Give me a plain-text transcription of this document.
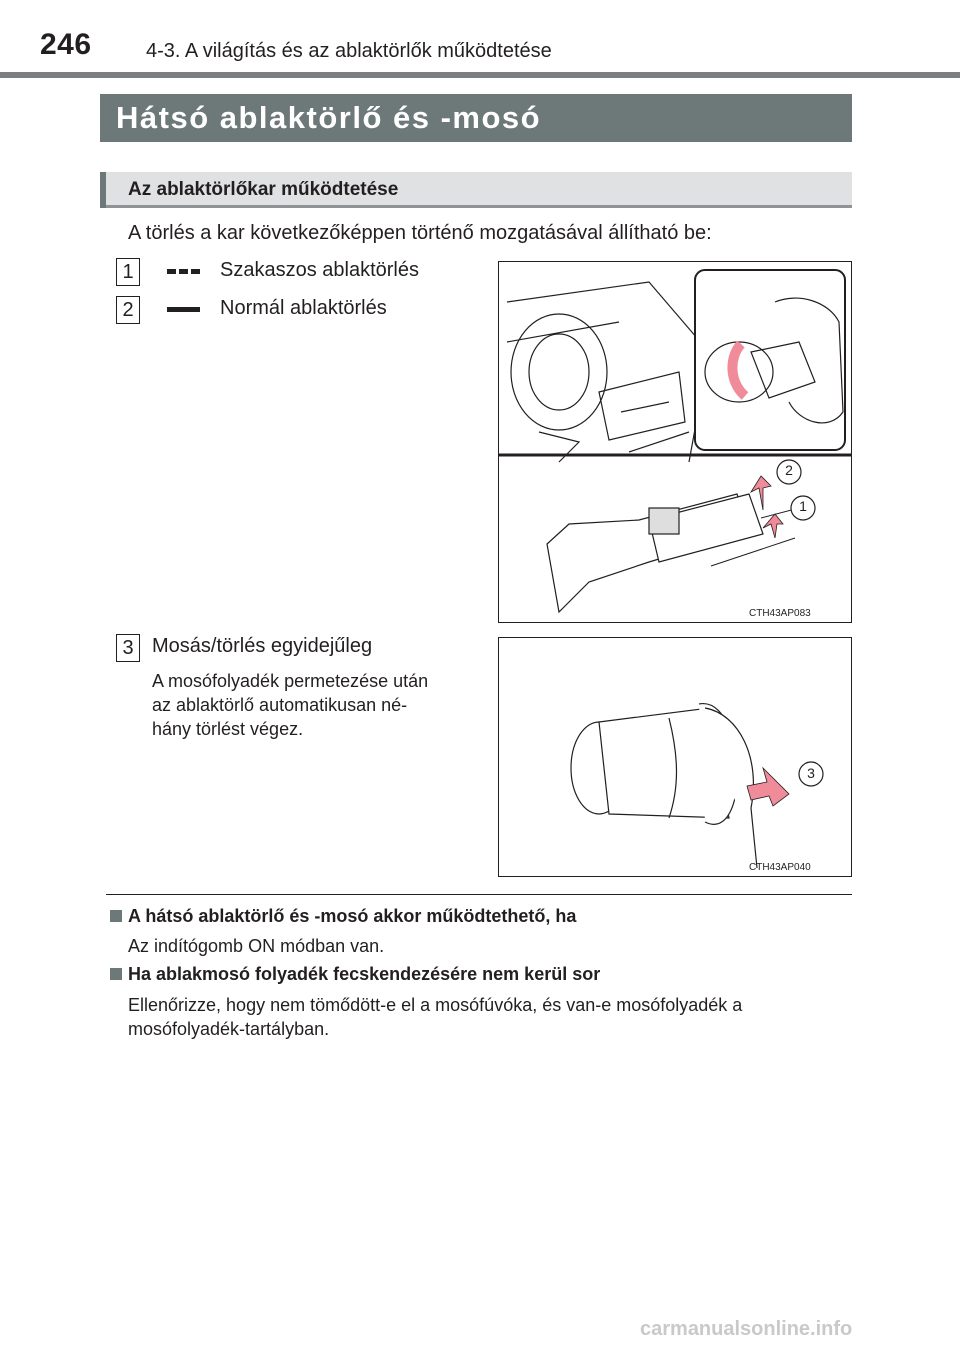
246	4-3. A világítás és az ablaktörlők működtetése
Hátsó ablaktörlő és -mosó
Az ablaktörlőkar működtetése
A törlés a kar következőképpen történő mozgatásával állítható be:
1	Szakaszos ablaktörlés
2	Normál ablaktörlés
3 Mosás/törlés egyidejűleg
A mosófolyadék permetezése után
az ablaktörlő automatikusan né-
hány törlést végez.
2
1
CTH43AP083
3
CTH43AP040
A hátsó ablaktörlő és -mosó akkor működtethető, ha
Az indítógomb ON módban van.
Ha ablakmosó folyadék fecskendezésére nem kerül sor
Ellenőrizze, hogy nem tömődött-e el a mosófúvóka, és van-e mosófolyadék a
mosófolyadék-tartályban.
carmanualsonline.info
